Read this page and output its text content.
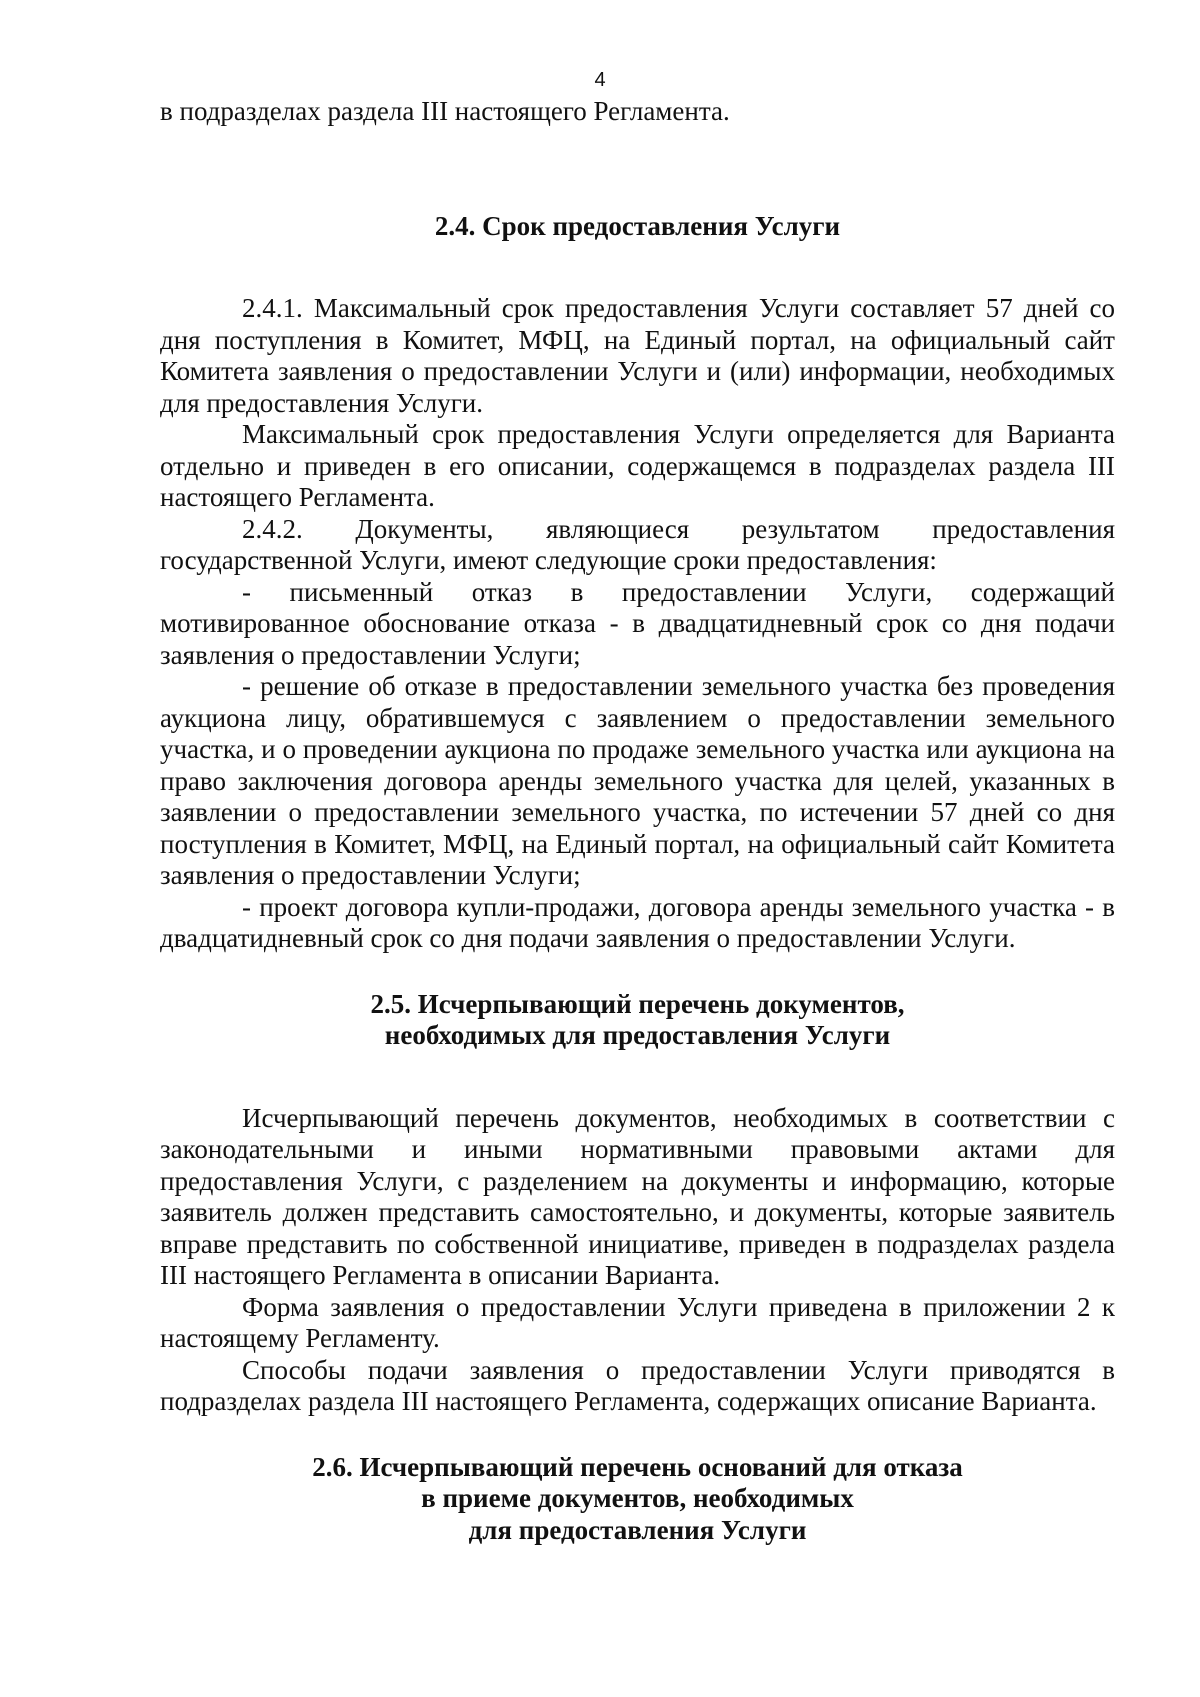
4

в подразделах раздела III настоящего Регламента.

2.4. Срок предоставления Услуги

2.4.1. Максимальный срок предоставления Услуги составляет 57 дней со дня поступления в Комитет, МФЦ, на Единый портал, на официальный сайт Комитета заявления о предоставлении Услуги и (или) информации, необходимых для предоставления Услуги.

Максимальный срок предоставления Услуги определяется для Варианта отдельно и приведен в его описании, содержащемся в подразделах раздела III настоящего Регламента.

2.4.2. Документы, являющиеся результатом предоставления государственной Услуги, имеют следующие сроки предоставления:

- письменный отказ в предоставлении Услуги, содержащий мотивированное обоснование отказа - в двадцатидневный срок со дня подачи заявления о предоставлении Услуги;

- решение об отказе в предоставлении земельного участка без проведения аукциона лицу, обратившемуся с заявлением о предоставлении земельного участка, и о проведении аукциона по продаже земельного участка или аукциона на право заключения договора аренды земельного участка для целей, указанных в заявлении о предоставлении земельного участка, по истечении 57 дней со дня поступления в Комитет, МФЦ, на Единый портал, на официальный сайт Комитета заявления о предоставлении Услуги;

- проект договора купли-продажи, договора аренды земельного участка - в двадцатидневный срок со дня подачи заявления о предоставлении Услуги.

2.5. Исчерпывающий перечень документов,
необходимых для предоставления Услуги

Исчерпывающий перечень документов, необходимых в соответствии с законодательными и иными нормативными правовыми актами для предоставления Услуги, с разделением на документы и информацию, которые заявитель должен представить самостоятельно, и документы, которые заявитель вправе представить по собственной инициативе, приведен в подразделах раздела III настоящего Регламента в описании Варианта.

Форма заявления о предоставлении Услуги приведена в приложении 2 к настоящему Регламенту.

Способы подачи заявления о предоставлении Услуги приводятся в подразделах раздела III настоящего Регламента, содержащих описание Варианта.

2.6. Исчерпывающий перечень оснований для отказа
в приеме документов, необходимых
для предоставления Услуги
